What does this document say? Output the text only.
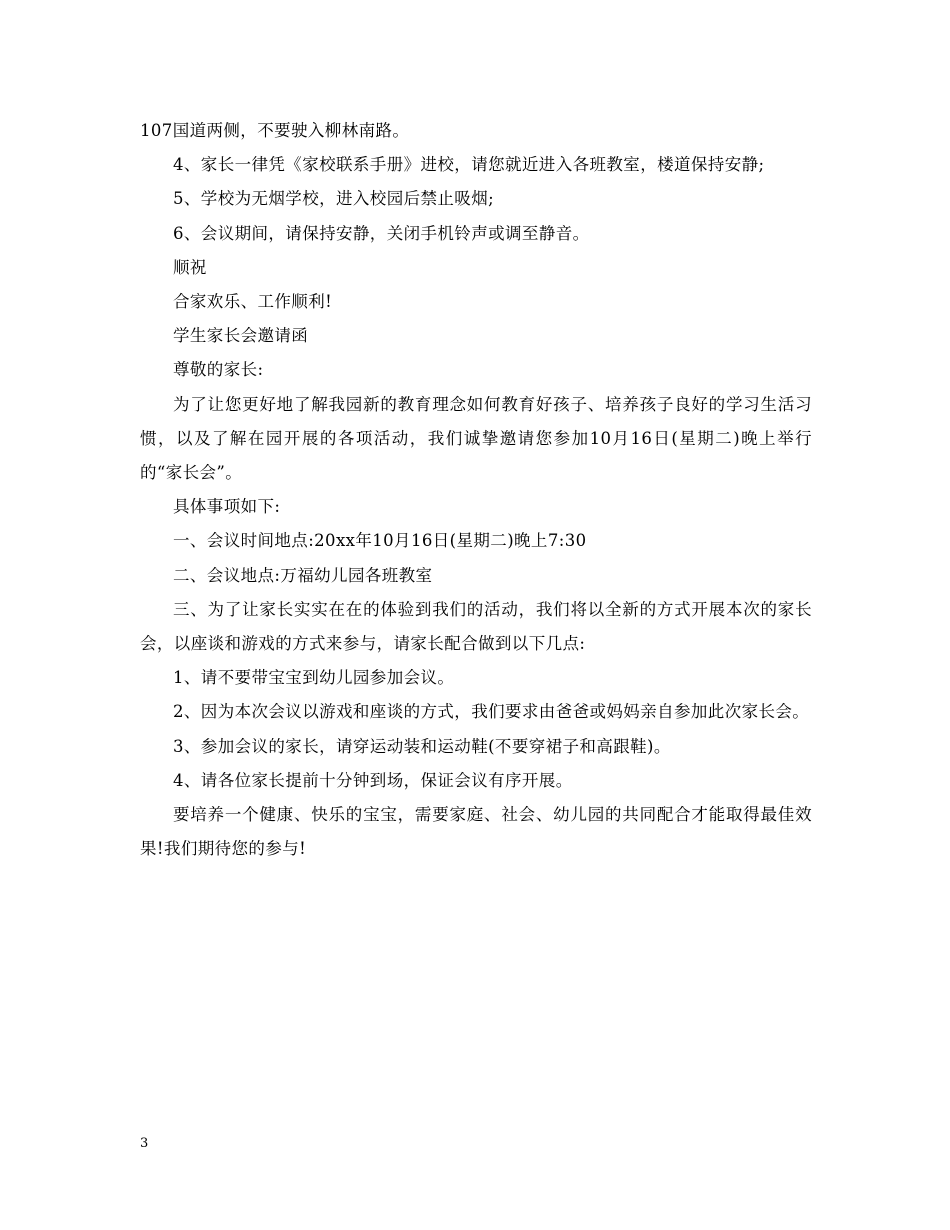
107国道两侧，不要驶入柳林南路。

4、家长一律凭《家校联系手册》进校，请您就近进入各班教室，楼道保持安静;

5、学校为无烟学校，进入校园后禁止吸烟;

6、会议期间，请保持安静，关闭手机铃声或调至静音。

顺祝

合家欢乐、工作顺利!

学生家长会邀请函

尊敬的家长:

为了让您更好地了解我园新的教育理念如何教育好孩子、培养孩子良好的学习生活习惯，以及了解在园开展的各项活动，我们诚挚邀请您参加10月16日(星期二)晚上举行的“家长会”。

具体事项如下:

一、会议时间地点:20xx年10月16日(星期二)晚上7:30

二、会议地点:万福幼儿园各班教室

三、为了让家长实实在在的体验到我们的活动，我们将以全新的方式开展本次的家长会，以座谈和游戏的方式来参与，请家长配合做到以下几点:

1、请不要带宝宝到幼儿园参加会议。

2、因为本次会议以游戏和座谈的方式，我们要求由爸爸或妈妈亲自参加此次家长会。

3、参加会议的家长，请穿运动装和运动鞋(不要穿裙子和高跟鞋)。

4、请各位家长提前十分钟到场，保证会议有序开展。

要培养一个健康、快乐的宝宝，需要家庭、社会、幼儿园的共同配合才能取得最佳效果!我们期待您的参与!

3
